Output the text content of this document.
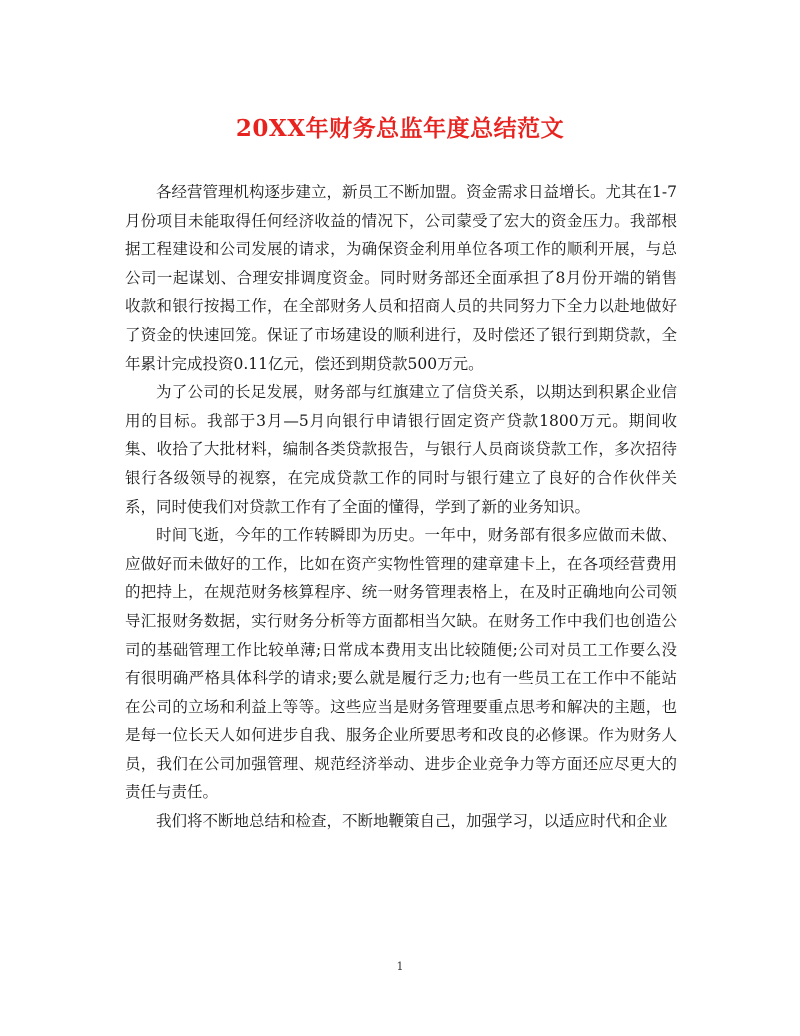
20XX年财务总监年度总结范文

各经营管理机构逐步建立，新员工不断加盟。资金需求日益增长。尤其在1-7月份项目未能取得任何经济收益的情况下，公司蒙受了宏大的资金压力。我部根据工程建设和公司发展的请求，为确保资金利用单位各项工作的顺利开展，与总公司一起谋划、合理安排调度资金。同时财务部还全面承担了8月份开端的销售收款和银行按揭工作，在全部财务人员和招商人员的共同努力下全力以赴地做好了资金的快速回笼。保证了市场建设的顺利进行，及时偿还了银行到期贷款，全年累计完成投资0.11亿元，偿还到期贷款500万元。

为了公司的长足发展，财务部与红旗建立了信贷关系，以期达到积累企业信用的目标。我部于3月—5月向银行申请银行固定资产贷款1800万元。期间收集、收拾了大批材料，编制各类贷款报告，与银行人员商谈贷款工作，多次招待银行各级领导的视察，在完成贷款工作的同时与银行建立了良好的合作伙伴关系，同时使我们对贷款工作有了全面的懂得，学到了新的业务知识。

时间飞逝，今年的工作转瞬即为历史。一年中，财务部有很多应做而未做、应做好而未做好的工作，比如在资产实物性管理的建章建卡上，在各项经营费用的把持上，在规范财务核算程序、统一财务管理表格上，在及时正确地向公司领导汇报财务数据，实行财务分析等方面都相当欠缺。在财务工作中我们也创造公司的基础管理工作比较单薄;日常成本费用支出比较随便;公司对员工工作要么没有很明确严格具体科学的请求;要么就是履行乏力;也有一些员工在工作中不能站在公司的立场和利益上等等。这些应当是财务管理要重点思考和解决的主题，也是每一位长天人如何进步自我、服务企业所要思考和改良的必修课。作为财务人员，我们在公司加强管理、规范经济举动、进步企业竞争力等方面还应尽更大的责任与责任。

我们将不断地总结和检查，不断地鞭策自己，加强学习，以适应时代和企业

1
